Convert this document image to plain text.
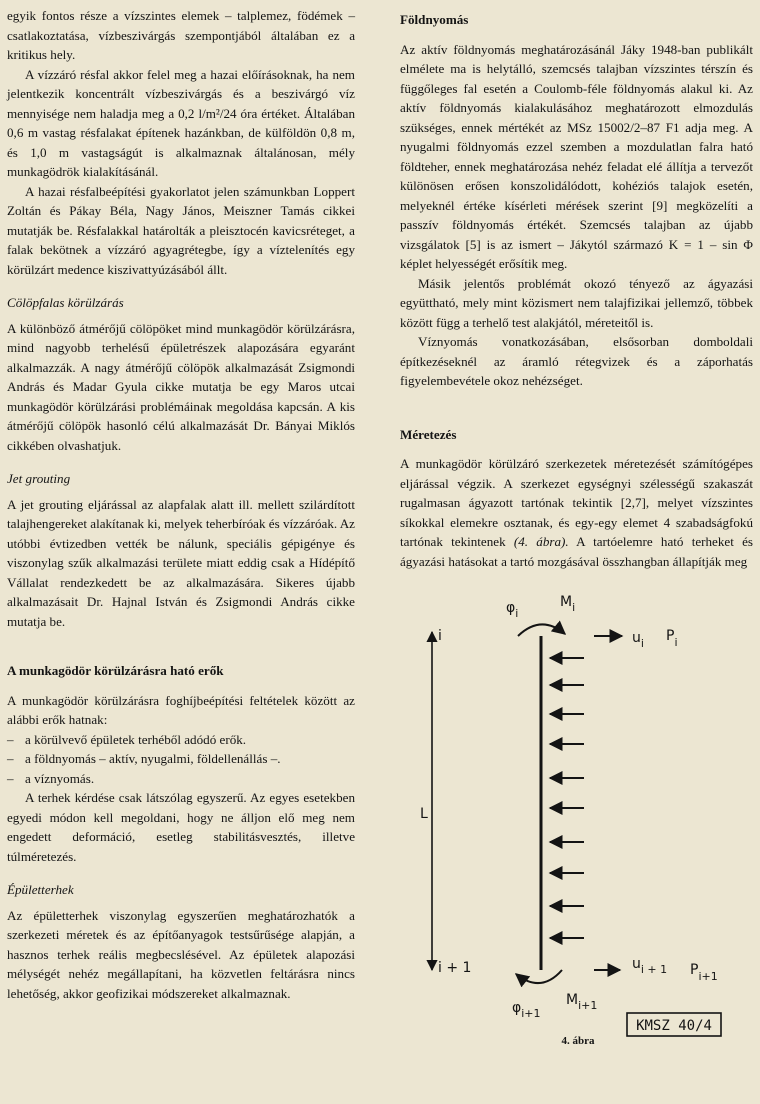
egyik fontos része a vízszintes elemek – talplemez, födémek – csatlakoztatása, vízbeszivárgás szempontjából általában ez a kritikus hely.

A vízzáró résfal akkor felel meg a hazai előírásoknak, ha nem jelentkezik koncentrált vízbeszivárgás és a beszivárgó víz mennyisége nem haladja meg a 0,2 l/m²/24 óra értéket. Általában 0,6 m vastag résfalakat építenek hazánkban, de külföldön 0,8 m, és 1,0 m vastagságút is alkalmaznak általánosan, mély munkagödrök kialakításánál.

A hazai résfalbeépítési gyakorlatot jelen számunkban Loppert Zoltán és Pákay Béla, Nagy János, Meiszner Tamás cikkei mutatják be. Résfalakkal határolták a pleisztocén kavicsréteget, a falak bekötnek a vízzáró agyagrétegbe, így a víztelenítés egy körülzárt medence kiszivattyúzásából állt.

Cölöpfalas körülzárás

A különböző átmérőjű cölöpöket mind munkagödör körülzárásra, mind nagyobb terhelésű épületrészek alapozására egyaránt alkalmazzák. A nagy átmérőjű cölöpök alkalmazását Zsigmondi András és Madar Gyula cikke mutatja be egy Maros utcai munkagödör körülzárási problémáinak megoldása kapcsán. A kis átmérőjű cölöpök hasonló célú alkalmazását Dr. Bányai Miklós cikkében olvashatjuk.

Jet grouting

A jet grouting eljárással az alapfalak alatt ill. mellett szilárdított talajhengereket alakítanak ki, melyek teherbíróak és vízzáróak. Az utóbbi évtizedben vették be nálunk, speciális gépigénye és viszonylag szűk alkalmazási területe miatt eddig csak a Hídépítő Vállalat rendezkedett be az alkalmazására. Sikeres újabb alkalmazásait Dr. Hajnal István és Zsigmondi András cikke mutatja be.

A munkagödör körülzárásra ható erők

A munkagödör körülzárásra foghíjbeépítési feltételek között az alábbi erők hatnak:

– a körülvevő épületek terhéből adódó erők.
– a földnyomás – aktív, nyugalmi, földellenállás –.
– a víznyomás.

A terhek kérdése csak látszólag egyszerű. Az egyes esetekben egyedi módon kell megoldani, hogy ne álljon elő meg nem engedett deformáció, esetleg stabilitásvesztés, illetve túlméretezés.

Épületterhek

Az épületterhek viszonylag egyszerűen meghatározhatók a szerkezeti méretek és az építőanyagok testsűrűsége alapján, a hasznos terhek reális megbecslésével. Az épületek alapozási mélységét nehéz megállapítani, ha közvetlen feltárásra nincs lehetőség, akkor geofizikai módszereket alkalmaznak.

Földnyomás

Az aktív földnyomás meghatározásánál Jáky 1948-ban publikált elmélete ma is helytálló, szemcsés talajban vízszintes térszín és függőleges fal esetén a Coulomb-féle földnyomás alakul ki. Az aktív földnyomás kialakulásához meghatározott elmozdulás szükséges, ennek mértékét az MSz 15002/2–87 F1 adja meg. A nyugalmi földnyomás ezzel szemben a mozdulatlan falra ható földteher, ennek meghatározása nehéz feladat elé állítja a tervezőt különösen erősen konszolidálódott, kohéziós talajok esetén, melyeknél értéke kísérleti mérések szerint [9] megközelíti a passzív földnyomás értékét. Szemcsés talajban az újabb vizsgálatok [5] is az ismert – Jákytól származó K = 1 – sin Φ képlet helyességét erősítik meg.

Másik jelentős problémát okozó tényező az ágyazási együttható, mely mint közismert nem talajfizikai jellemző, többek között függ a terhelő test alakjától, méreteitől is.

Víznyomás vonatkozásában, elsősorban domboldali építkezéseknél az áramló rétegvizek és a záporhatás figyelembevétele okoz nehézséget.

Méretezés

A munkagödör körülzáró szerkezetek méretezését számítógépes eljárással végzik. A szerkezet egységnyi szélességű szakaszát rugalmasan ágyazott tartónak tekintik [2,7], melyet vízszintes síkokkal elemekre osztanak, és egy-egy elemet 4 szabadságfokú tartónak tekintenek (4. ábra). A tartóelemre ható terheket és ágyazási hatásokat a tartó mozgásával összhangban állapítják meg

i
L
i + 1
$\varphi_i$
$M_i$
$u_i$ $P_i$
$u_{i + 1}$ $P_{i+1}$
$\varphi_{i+1}$
$M_{i+1}$
KMSZ 40/4
4. ábra
